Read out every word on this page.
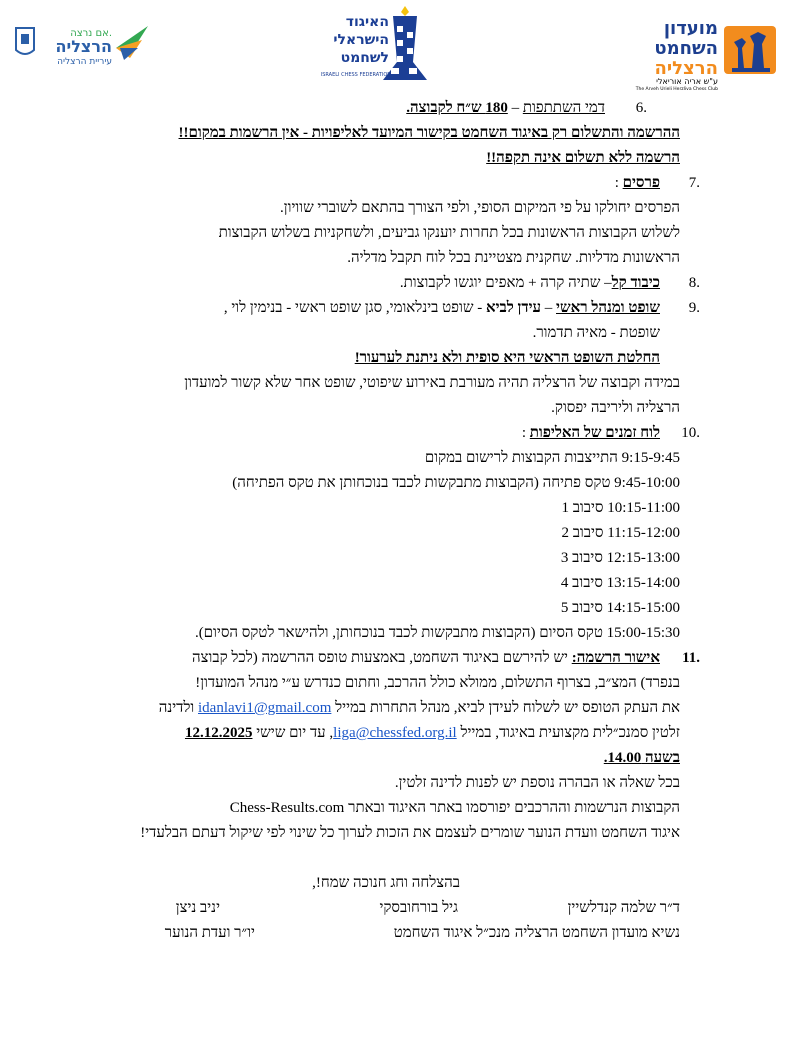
מועדון
השחמט
הרצליה
ע"ש אריה אוריאלי
The Aryeh Urieli Herzliya Chess Club
האיגוד
הישראלי
לשחמט
ISRAELI CHESS FEDERATION
אם נרצה.
הרצליה
עיריית הרצליה
6.
דמי השתתפות – 180 ש״ח לקבוצה.
ההרשמה והתשלום רק באיגוד השחמט בקישור המיועד לאליפויות - אין הרשמות במקום!!
הרשמה ללא תשלום אינה תקפה!!
7.
פרסים :
הפרסים יחולקו על פי המיקום הסופי, ולפי הצורך בהתאם לשוברי שוויון.
לשלוש הקבוצות הראשונות בכל תחרות יוענקו גביעים, ולשחקניות בשלוש הקבוצות
הראשונות מדליות. שחקנית מצטיינת בכל לוח תקבל מדליה.
8.
כיבוד קל– שתיה קרה + מאפים יוגשו לקבוצות.
9.
שופט ומנהל ראשי – עידן לביא - שופט בינלאומי, סגן שופט ראשי - בנימין לוי ,
שופטת - מאיה תדמור.
החלטת השופט הראשי היא סופית ולא ניתנת לערעור!
במידה וקבוצה של הרצליה תהיה מעורבת באירוע שיפוטי, שופט אחר שלא קשור למועדון
הרצליה וליריבה יפסוק.
10.
לוח זמנים של האליפות :
9:15-9:45 התייצבות הקבוצות לרישום במקום
9:45-10:00 טקס פתיחה (הקבוצות מתבקשות לכבד בנוכחותן את טקס הפתיחה)
10:15-11:00 סיבוב 1
11:15-12:00 סיבוב 2
12:15-13:00 סיבוב 3
13:15-14:00 סיבוב 4
14:15-15:00 סיבוב 5
15:00-15:30 טקס הסיום (הקבוצות מתבקשות לכבד בנוכחותן, ולהישאר לטקס הסיום).
11.
אישור הרשמה: יש להירשם באיגוד השחמט, באמצעות טופס ההרשמה (לכל קבוצה
בנפרד) המצ״ב, בצרוף התשלום, ממולא כולל ההרכב, וחתום כנדרש ע״י מנהל המועדון!
את העתק הטופס יש לשלוח לעידן לביא, מנהל התחרות במייל idanlavi1@gmail.com ולדינה
זלטין סמנכ״לית מקצועית באיגוד, במייל liga@chessfed.org.il, עד יום שישי 12.12.2025
בשעה 14.00.
בכל שאלה או הבהרה נוספת יש לפנות לדינה זלטין.
הקבוצות הנרשמות וההרכבים יפורסמו באתר האיגוד ובאתר Chess-Results.com
איגוד השחמט וועדת הנוער שומרים לעצמם את הזכות לערוך כל שינוי לפי שיקול דעתם הבלעדי!
בהצלחה וחג חנוכה שמח!,
ד״ר שלמה קנדלשיין
גיל בורחובסקי
יניב ניצן
נשיא מועדון השחמט הרצליה
מנכ״ל איגוד השחמט
יו״ר ועדת הנוער
